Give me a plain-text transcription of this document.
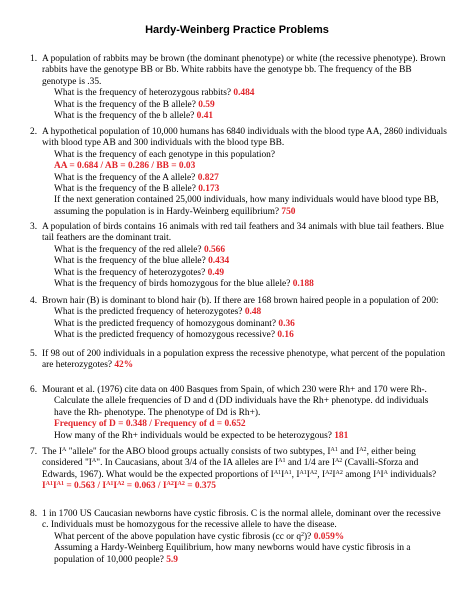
Hardy-Weinberg Practice Problems
1. A population of rabbits may be brown (the dominant phenotype) or white (the recessive phenotype). Brown rabbits have the genotype BB or Bb. White rabbits have the genotype bb. The frequency of the BB genotype is .35.
What is the frequency of heterozygous rabbits? 0.484
What is the frequency of the B allele? 0.59
What is the frequency of the b allele? 0.41
2. A hypothetical population of 10,000 humans has 6840 individuals with the blood type AA, 2860 individuals with blood type AB and 300 individuals with the blood type BB.
What is the frequency of each genotype in this population?
AA = 0.684 / AB = 0.286 / BB = 0.03
What is the frequency of the A allele? 0.827
What is the frequency of the B allele? 0.173
If the next generation contained 25,000 individuals, how many individuals would have blood type BB, assuming the population is in Hardy-Weinberg equilibrium? 750
3. A population of birds contains 16 animals with red tail feathers and 34 animals with blue tail feathers. Blue tail feathers are the dominant trait.
What is the frequency of the red allele? 0.566
What is the frequency of the blue allele? 0.434
What is the frequency of heterozygotes? 0.49
What is the frequency of birds homozygous for the blue allele? 0.188
4. Brown hair (B) is dominant to blond hair (b). If there are 168 brown haired people in a population of 200:
What is the predicted frequency of heterozygotes? 0.48
What is the predicted frequency of homozygous dominant? 0.36
What is the predicted frequency of homozygous recessive? 0.16
5. If 98 out of 200 individuals in a population express the recessive phenotype, what percent of the population are heterozygotes? 42%
6. Mourant et al. (1976) cite data on 400 Basques from Spain, of which 230 were Rh+ and 170 were Rh-.
Calculate the allele frequencies of D and d (DD individuals have the Rh+ phenotype. dd individuals have the Rh- phenotype. The phenotype of Dd is Rh+).
Frequency of D = 0.348 / Frequency of d = 0.652
How many of the Rh+ individuals would be expected to be heterozygous? 181
7. The $I^A$ "allele" for the ABO blood groups actually consists of two subtypes, $I^{A1}$ and $I^{A2}$, either being considered "$I^A$". In Caucasians, about 3/4 of the IA alleles are $I^{A1}$ and 1/4 are $I^{A2}$ (Cavalli-Sforza and Edwards, 1967). What would be the expected proportions of $I^{A1}I^{A1}$, $I^{A1}I^{A2}$, $I^{A2}I^{A2}$ among $I^AI^A$ individuals?
$I^{A1}I^{A1} = 0.563 / I^{A1}I^{A2} = 0.063 / I^{A2}I^{A2} = 0.375$
8. 1 in 1700 US Caucasian newborns have cystic fibrosis. C is the normal allele, dominant over the recessive c. Individuals must be homozygous for the recessive allele to have the disease.
What percent of the above population have cystic fibrosis (cc or $q^2$)? 0.059%
Assuming a Hardy-Weinberg Equilibrium, how many newborns would have cystic fibrosis in a population of 10,000 people? 5.9
